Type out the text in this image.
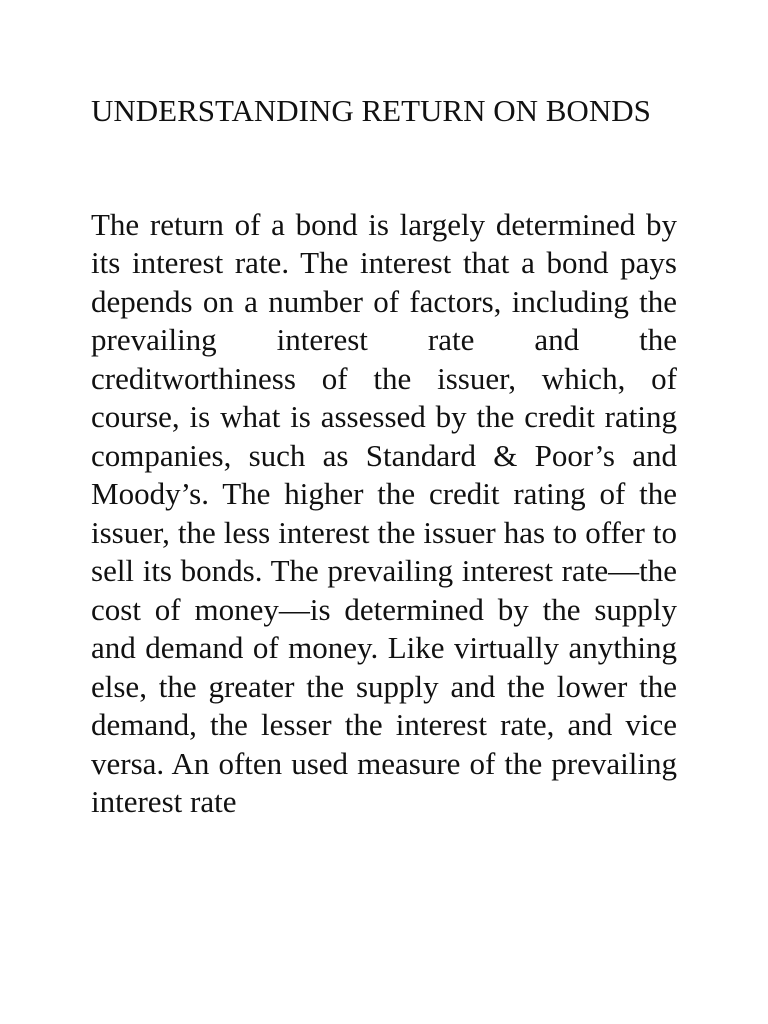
UNDERSTANDING RETURN ON BONDS

The return of a bond is largely determined by its interest rate. The interest that a bond pays depends on a number of factors, including the prevailing interest rate and the creditworthiness of the issuer, which, of course, is what is assessed by the credit rating companies, such as Standard & Poor’s and Moody’s. The higher the credit rating of the issuer, the less interest the issuer has to offer to sell its bonds. The prevailing interest rate—the cost of money—is determined by the supply and demand of money. Like virtually anything else, the greater the supply and the lower the demand, the lesser the interest rate, and vice versa. An often used measure of the prevailing interest rate
